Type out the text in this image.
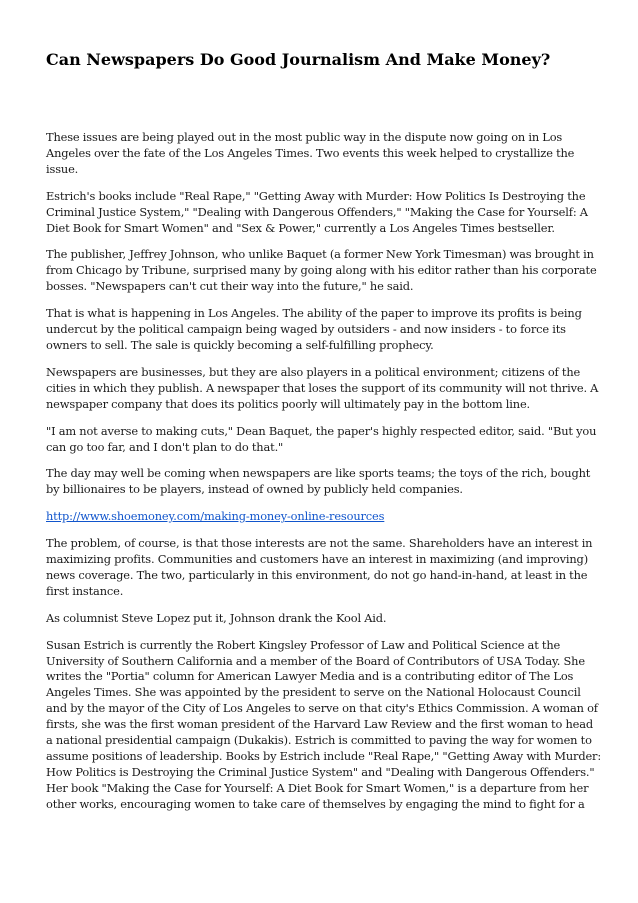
Can Newspapers Do Good Journalism And Make Money?

These issues are being played out in the most public way in the dispute now going on in Los Angeles over the fate of the Los Angeles Times. Two events this week helped to crystallize the issue.

Estrich's books include "Real Rape," "Getting Away with Murder: How Politics Is Destroying the Criminal Justice System," "Dealing with Dangerous Offenders," "Making the Case for Yourself: A Diet Book for Smart Women" and "Sex & Power," currently a Los Angeles Times bestseller.

The publisher, Jeffrey Johnson, who unlike Baquet (a former New York Timesman) was brought in from Chicago by Tribune, surprised many by going along with his editor rather than his corporate bosses. "Newspapers can't cut their way into the future," he said.

That is what is happening in Los Angeles. The ability of the paper to improve its profits is being undercut by the political campaign being waged by outsiders - and now insiders - to force its owners to sell. The sale is quickly becoming a self-fulfilling prophecy.

Newspapers are businesses, but they are also players in a political environment; citizens of the cities in which they publish. A newspaper that loses the support of its community will not thrive. A newspaper company that does its politics poorly will ultimately pay in the bottom line.

"I am not averse to making cuts," Dean Baquet, the paper's highly respected editor, said. "But you can go too far, and I don't plan to do that."

The day may well be coming when newspapers are like sports teams; the toys of the rich, bought by billionaires to be players, instead of owned by publicly held companies.

http://www.shoemoney.com/making-money-online-resources

The problem, of course, is that those interests are not the same. Shareholders have an interest in maximizing profits. Communities and customers have an interest in maximizing (and improving) news coverage. The two, particularly in this environment, do not go hand-in-hand, at least in the first instance.

As columnist Steve Lopez put it, Johnson drank the Kool Aid.

Susan Estrich is currently the Robert Kingsley Professor of Law and Political Science at the University of Southern California and a member of the Board of Contributors of USA Today. She writes the "Portia" column for American Lawyer Media and is a contributing editor of The Los Angeles Times. She was appointed by the president to serve on the National Holocaust Council and by the mayor of the City of Los Angeles to serve on that city's Ethics Commission. A woman of firsts, she was the first woman president of the Harvard Law Review and the first woman to head a national presidential campaign (Dukakis). Estrich is committed to paving the way for women to assume positions of leadership. Books by Estrich include "Real Rape," "Getting Away with Murder: How Politics is Destroying the Criminal Justice System" and "Dealing with Dangerous Offenders." Her book "Making the Case for Yourself: A Diet Book for Smart Women," is a departure from her other works, encouraging women to take care of themselves by engaging the mind to fight for a
